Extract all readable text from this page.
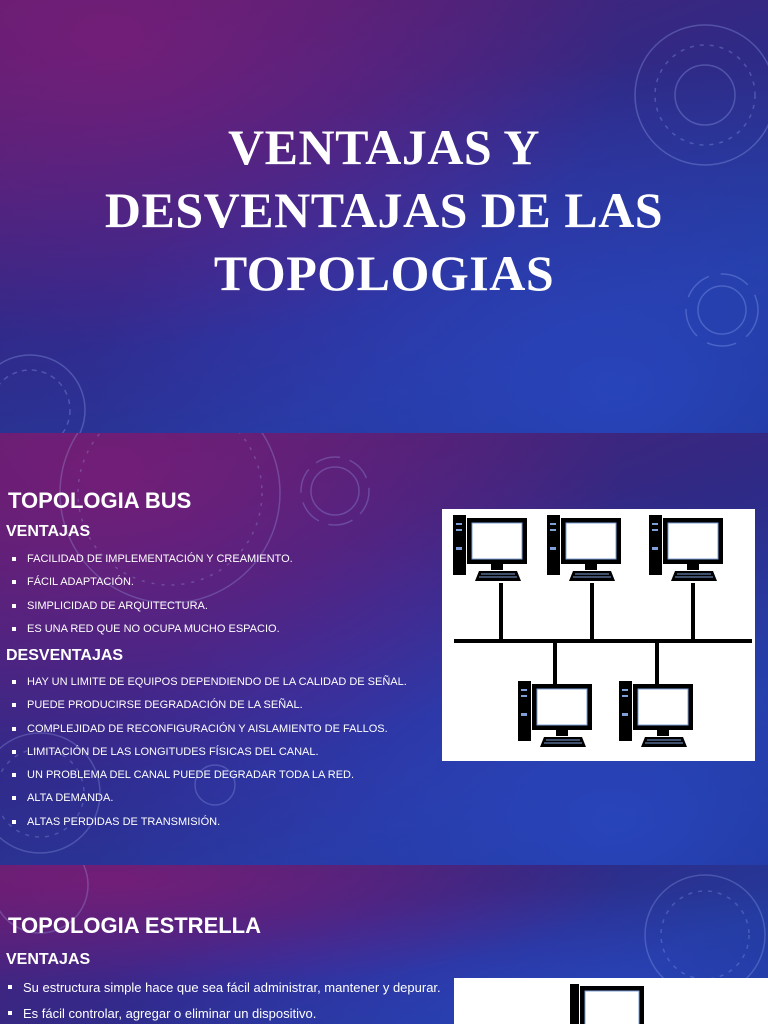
VENTAJAS Y
DESVENTAJAS DE LAS
TOPOLOGIAS
TOPOLOGIA BUS
VENTAJAS
FACILIDAD DE IMPLEMENTACIÓN Y CREAMIENTO.
FÁCIL ADAPTACIÓN.
SIMPLICIDAD DE ARQUITECTURA.
ES UNA RED QUE NO OCUPA MUCHO ESPACIO.
DESVENTAJAS
HAY UN LIMITE DE EQUIPOS DEPENDIENDO DE LA CALIDAD DE SEÑAL.
PUEDE PRODUCIRSE DEGRADACIÓN DE LA SEÑAL.
COMPLEJIDAD DE RECONFIGURACIÓN Y AISLAMIENTO DE FALLOS.
LIMITACIÓN DE LAS LONGITUDES FÍSICAS DEL CANAL.
UN PROBLEMA DEL CANAL PUEDE DEGRADAR TODA LA RED.
ALTA DEMANDA.
ALTAS PERDIDAS DE TRANSMISIÓN.
TOPOLOGIA ESTRELLA
VENTAJAS
Su estructura simple hace que sea fácil administrar, mantener y depurar.
Es fácil controlar, agregar o eliminar un dispositivo.
